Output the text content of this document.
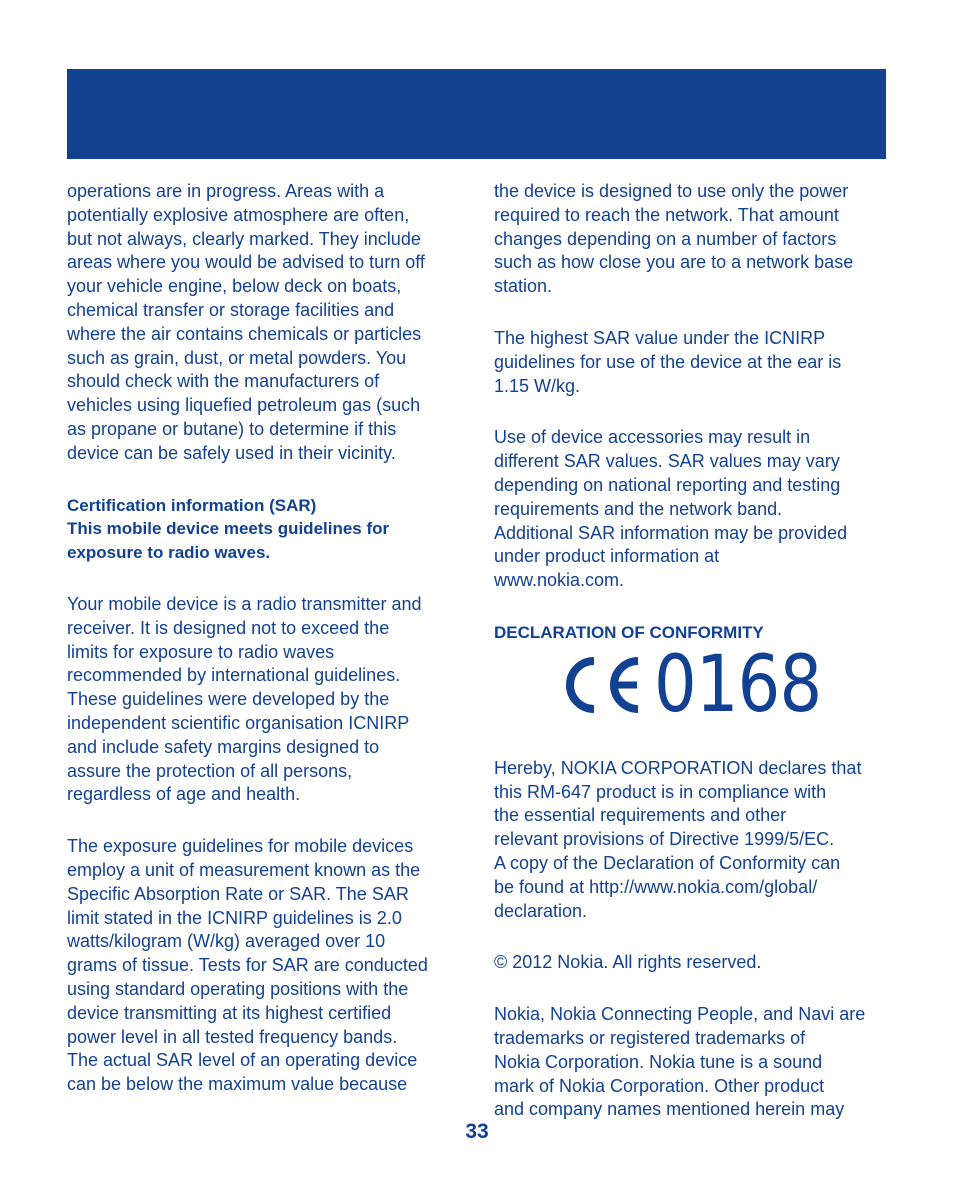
operations are in progress. Areas with a
potentially explosive atmosphere are often,
but not always, clearly marked. They include
areas where you would be advised to turn off
your vehicle engine, below deck on boats,
chemical transfer or storage facilities and
where the air contains chemicals or particles
such as grain, dust, or metal powders. You
should check with the manufacturers of
vehicles using liquefied petroleum gas (such
as propane or butane) to determine if this
device can be safely used in their vicinity.

Certification information (SAR)

This mobile device meets guidelines for
exposure to radio waves.

Your mobile device is a radio transmitter and
receiver. It is designed not to exceed the
limits for exposure to radio waves
recommended by international guidelines.
These guidelines were developed by the
independent scientific organisation ICNIRP
and include safety margins designed to
assure the protection of all persons,
regardless of age and health.

The exposure guidelines for mobile devices
employ a unit of measurement known as the
Specific Absorption Rate or SAR. The SAR
limit stated in the ICNIRP guidelines is 2.0
watts/kilogram (W/kg) averaged over 10
grams of tissue. Tests for SAR are conducted
using standard operating positions with the
device transmitting at its highest certified
power level in all tested frequency bands.
The actual SAR level of an operating device
can be below the maximum value because

the device is designed to use only the power
required to reach the network. That amount
changes depending on a number of factors
such as how close you are to a network base
station.

The highest SAR value under the ICNIRP
guidelines for use of the device at the ear is
1.15 W/kg.

Use of device accessories may result in
different SAR values. SAR values may vary
depending on national reporting and testing
requirements and the network band.
Additional SAR information may be provided
under product information at
www.nokia.com.

DECLARATION OF CONFORMITY

0168

Hereby, NOKIA CORPORATION declares that
this RM-647 product is in compliance with
the essential requirements and other
relevant provisions of Directive 1999/5/EC.
A copy of the Declaration of Conformity can
be found at http://www.nokia.com/global/
declaration.

© 2012 Nokia. All rights reserved.

Nokia, Nokia Connecting People, and Navi are
trademarks or registered trademarks of
Nokia Corporation. Nokia tune is a sound
mark of Nokia Corporation. Other product
and company names mentioned herein may

33
